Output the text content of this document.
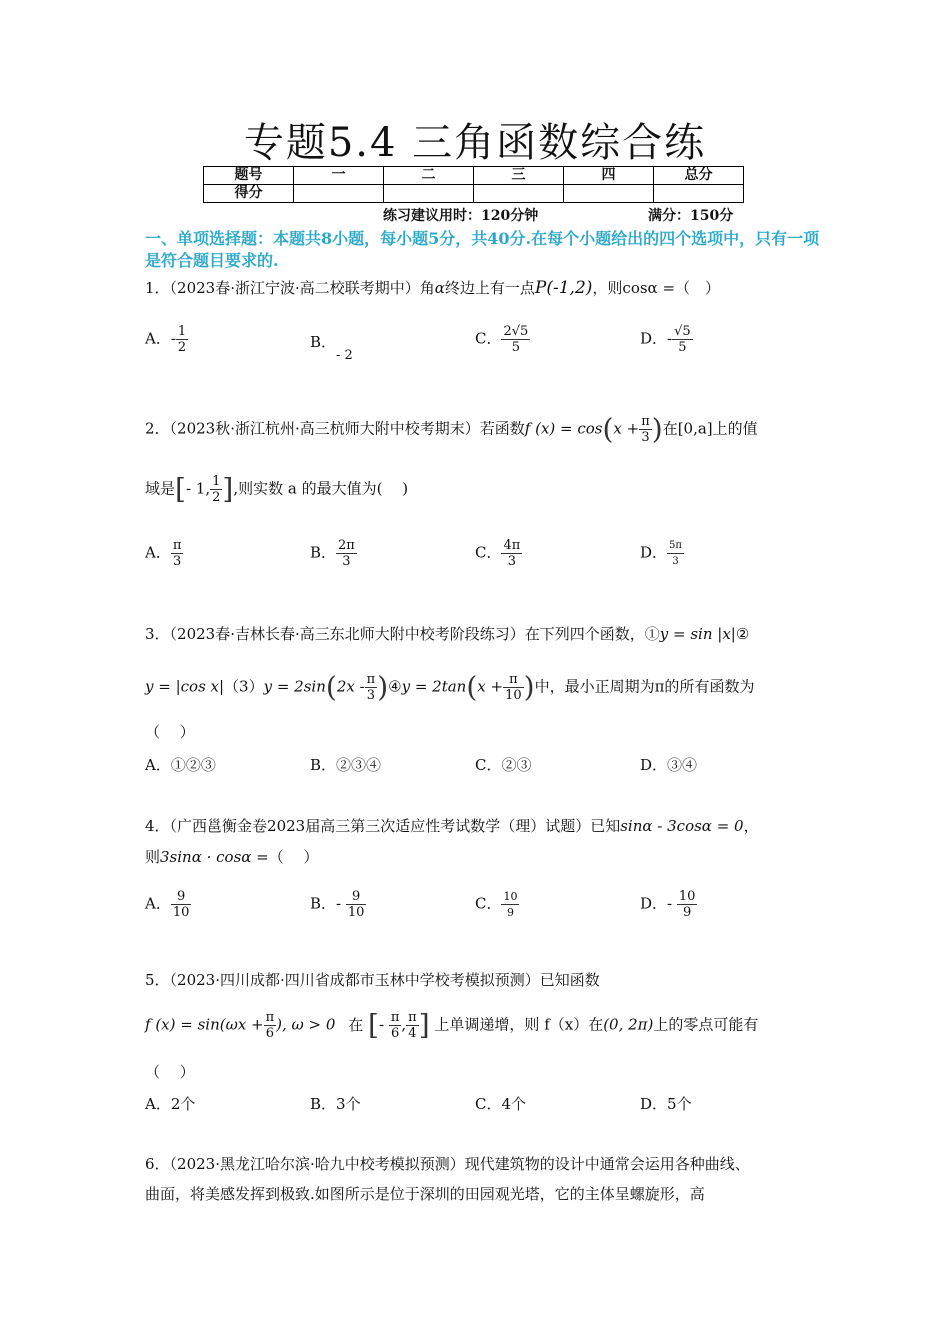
专题5.4 三角函数综合练
题号	一	二	三	四	总分
得分					
练习建议用时：120分钟	满分：150分
一、单项选择题：本题共8小题，每小题5分，共40分.在每个小题给出的四个选项中，只有一项是符合题目要求的.
1．（2023春·浙江宁波·高二校联考期中）角α终边上有一点P(-1,2)，则cosα =（　）
A．- $\frac{1}{2}$	B．- 2
C． $\frac{2√5}{5}$	D．- $\frac{√5}{5}$
2．（2023秋·浙江杭州·高三杭师大附中校考期末）若函数f $(x) = \cos(x + \frac{\pi}{3}$ )在[0,a]上的值
域是[- 1, $\frac{1}{2}$ ],则实数 a 的最大值为(　 )
A． $\frac{\pi}{3}$	B． $\frac{2\pi}{3}$	C． $\frac{4\pi}{3}$	D． $\frac{5\pi}{3}$
3．（2023春·吉林长春·高三东北师大附中校考阶段练习）在下列四个函数，①y = sin |x|②
y = |cos $x|(3)y = 2\sin(2x - \frac{\pi}{3}$ )④y = $2\tan(x + \frac{\pi}{10}$ )中，最小正周期为π的所有函数为
（　 ）
A．①②③	B．②③④	C．②③	D．③④
4．（广西邕衡金卷2023届高三第三次适应性考试数学（理）试题）已知sinα - 3cosα = 0，
则3sinα · cosα =（　 ）
A． $\frac{9}{10}$	B．- $\frac{9}{10}$	C． $\frac{10}{9}$	D．- $\frac{10}{9}$
5．（2023·四川成都·四川省成都市玉林中学校考模拟预测）已知函数
f $(x) = \sin(\omega x + \frac{\pi}{6}$ ), ω > 0 在 [- $\frac{\pi}{6}$ , $\frac{\pi}{4}$ ] 上单调递增，则 f（x）在(0, 2π)上的零点可能有
（　 ）
A．2个	B．3个	C．4个	D．5个
6．（2023·黑龙江哈尔滨·哈九中校考模拟预测）现代建筑物的设计中通常会运用各种曲线、
曲面，将美感发挥到极致.如图所示是位于深圳的田园观光塔，它的主体呈螺旋形，高
